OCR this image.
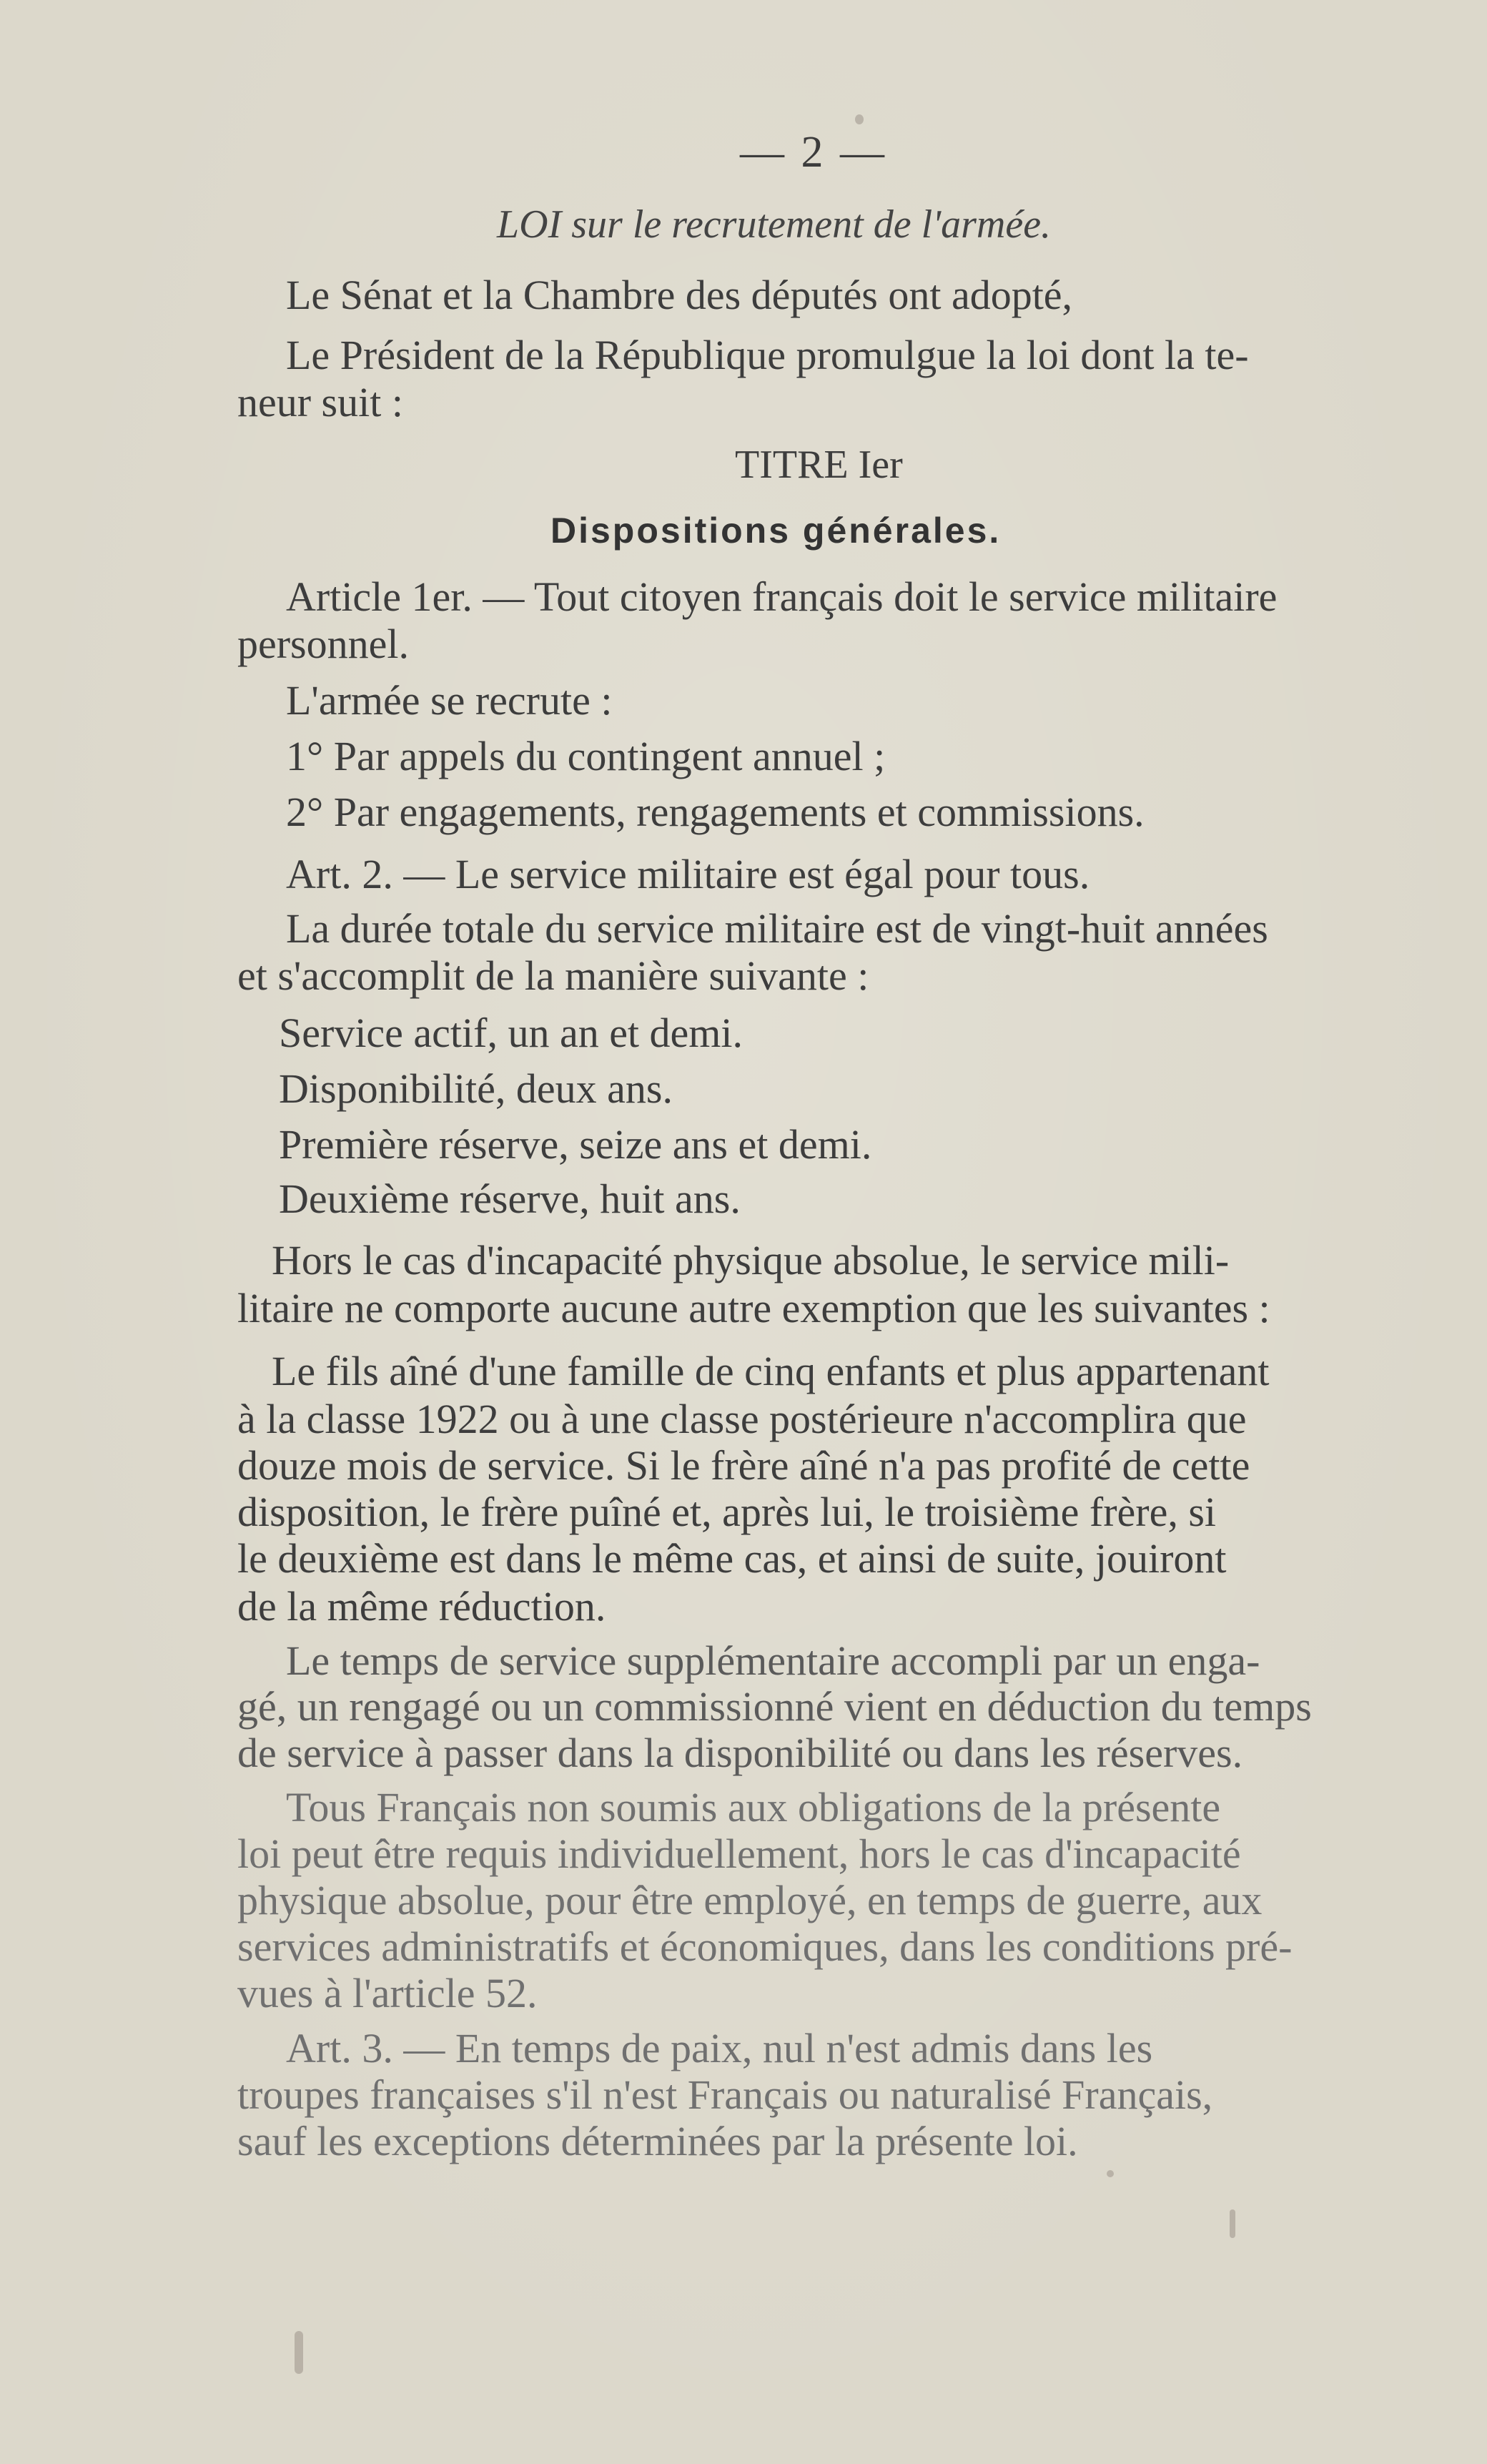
— 2 —
LOI sur le recrutement de l'armée.
Le Sénat et la Chambre des députés ont adopté,
Le Président de la République promulgue la loi dont la te-
neur suit :
TITRE Ier
Dispositions générales.
Article 1er. — Tout citoyen français doit le service militaire
personnel.
L'armée se recrute :
1° Par appels du contingent annuel ;
2° Par engagements, rengagements et commissions.
Art. 2. — Le service militaire est égal pour tous.
La durée totale du service militaire est de vingt-huit années
et s'accomplit de la manière suivante :
Service actif, un an et demi.
Disponibilité, deux ans.
Première réserve, seize ans et demi.
Deuxième réserve, huit ans.
Hors le cas d'incapacité physique absolue, le service mili-
litaire ne comporte aucune autre exemption que les suivantes :
Le fils aîné d'une famille de cinq enfants et plus appartenant
à la classe 1922 ou à une classe postérieure n'accomplira que
douze mois de service. Si le frère aîné n'a pas profité de cette
disposition, le frère puîné et, après lui, le troisième frère, si
le deuxième est dans le même cas, et ainsi de suite, jouiront
de la même réduction.
Le temps de service supplémentaire accompli par un enga-
gé, un rengagé ou un commissionné vient en déduction du temps
de service à passer dans la disponibilité ou dans les réserves.
Tous Français non soumis aux obligations de la présente
loi peut être requis individuellement, hors le cas d'incapacité
physique absolue, pour être employé, en temps de guerre, aux
services administratifs et économiques, dans les conditions pré-
vues à l'article 52.
Art. 3. — En temps de paix, nul n'est admis dans les
troupes françaises s'il n'est Français ou naturalisé Français,
sauf les exceptions déterminées par la présente loi.
